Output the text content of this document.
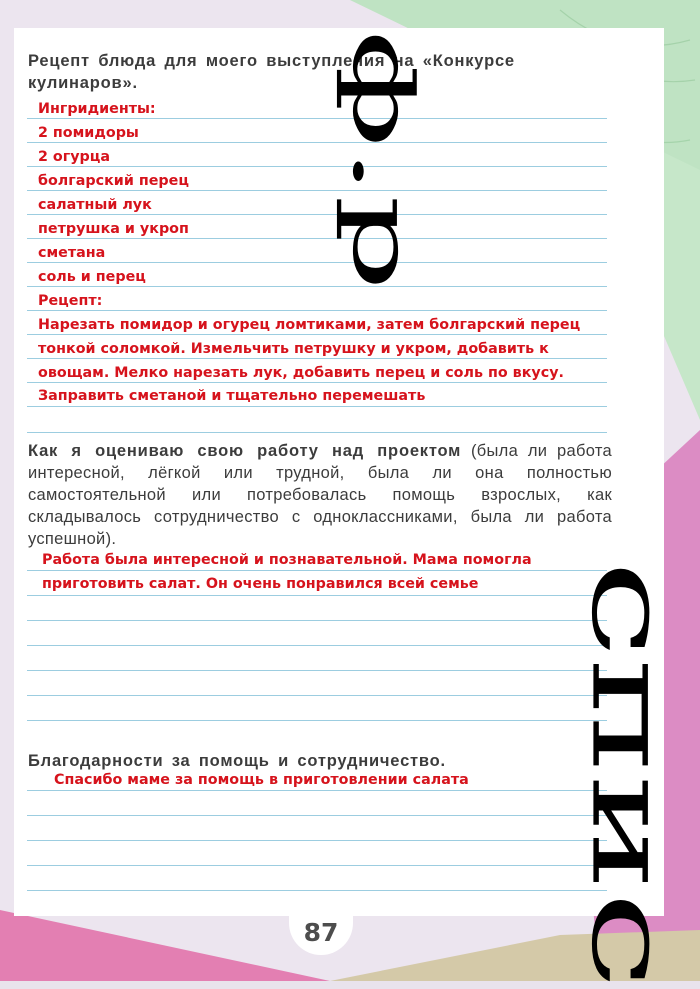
Рецепт блюда для моего выступления на «Конкурсе
кулинаров».
Ингридиенты:
2 помидоры
2 огурца
болгарский перец
салатный лук
петрушка и укроп
сметана
соль и перец
Рецепт:
Нарезать помидор и огурец ломтиками, затем болгарский перец
тонкой соломкой. Измельчить петрушку и укром, добавить к
овощам. Мелко нарезать лук, добавить перец и соль по вкусу.
Заправить сметаной и тщательно перемешать
Как я оцениваю свою работу над проектом (была ли работа интересной, лёгкой или трудной, была ли она полностью самостоятельной или потребовалась помощь взрослых, как складывалось сотрудничество с одноклассниками, была ли работа успешной).
Работа была интересной и познавательной. Мама помогла
приготовить салат. Он очень понравился всей семье
Благодарности за помощь и сотрудничество.
Спасибо маме за помощь в приготовлении салата
87
ф.р
спис
